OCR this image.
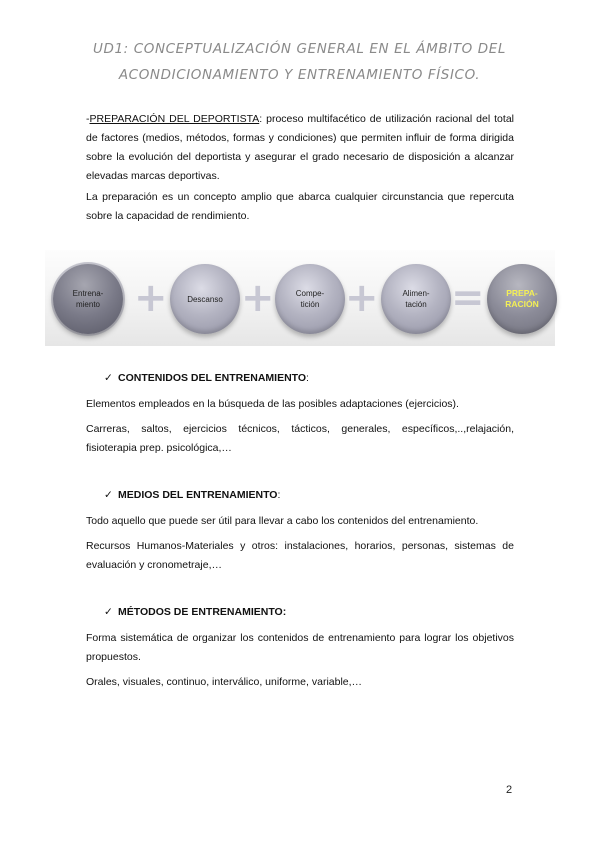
UD1: CONCEPTUALIZACIÓN GENERAL EN EL ÁMBITO DEL
ACONDICIONAMIENTO Y ENTRENAMIENTO FÍSICO.
-PREPARACIÓN DEL DEPORTISTA: proceso multifacético de utilización racional del total de factores (medios, métodos, formas y condiciones) que permiten influir de forma dirigida sobre la evolución del deportista y asegurar el grado necesario de disposición a alcanzar elevadas marcas deportivas.
La preparación es un concepto amplio que abarca cualquier circunstancia que repercuta sobre la capacidad de rendimiento.
Entrena-
miento + Descanso +	Compe-
tición +	Alimen-
tación =	PREPA-
RACIÓN
✓ CONTENIDOS DEL ENTRENAMIENTO:
Elementos empleados en la búsqueda de las posibles adaptaciones (ejercicios).
Carreras, saltos, ejercicios técnicos, tácticos, generales, específicos,..,relajación, fisioterapia prep. psicológica,…
✓ MEDIOS DEL ENTRENAMIENTO:
Todo aquello que puede ser útil para llevar a cabo los contenidos del entrenamiento.
Recursos Humanos-Materiales y otros: instalaciones, horarios, personas, sistemas de evaluación y cronometraje,…
✓ MÉTODOS DE ENTRENAMIENTO:
Forma sistemática de organizar los contenidos de entrenamiento para lograr los objetivos propuestos.
Orales, visuales, continuo, interválico, uniforme, variable,…
2
